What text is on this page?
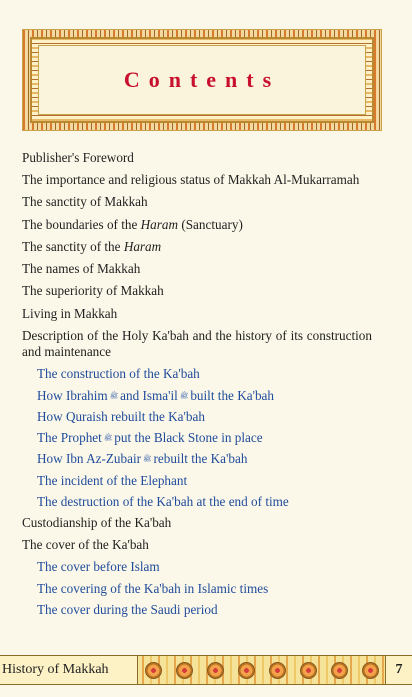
Contents
Publisher's Foreword
The importance and religious status of Makkah Al-Mukarramah
The sanctity of Makkah
The boundaries of the Haram (Sanctuary)
The sanctity of the Haram
The names of Makkah
The superiority of Makkah
Living in Makkah
Description of the Holy Ka'bah and the history of its construction and maintenance
The construction of the Ka'bah
How Ibrahim ﷺ and Isma'il ﷺ built the Ka'bah
How Quraish rebuilt the Ka'bah
The Prophet ﷺ put the Black Stone in place
How Ibn Az-Zubair ﷺ rebuilt the Ka'bah
The incident of the Elephant
The destruction of the Ka'bah at the end of time
Custodianship of the Ka'bah
The cover of the Ka'bah
The cover before Islam
The covering of the Ka'bah in Islamic times
The cover during the Saudi period
History of Makkah	7
